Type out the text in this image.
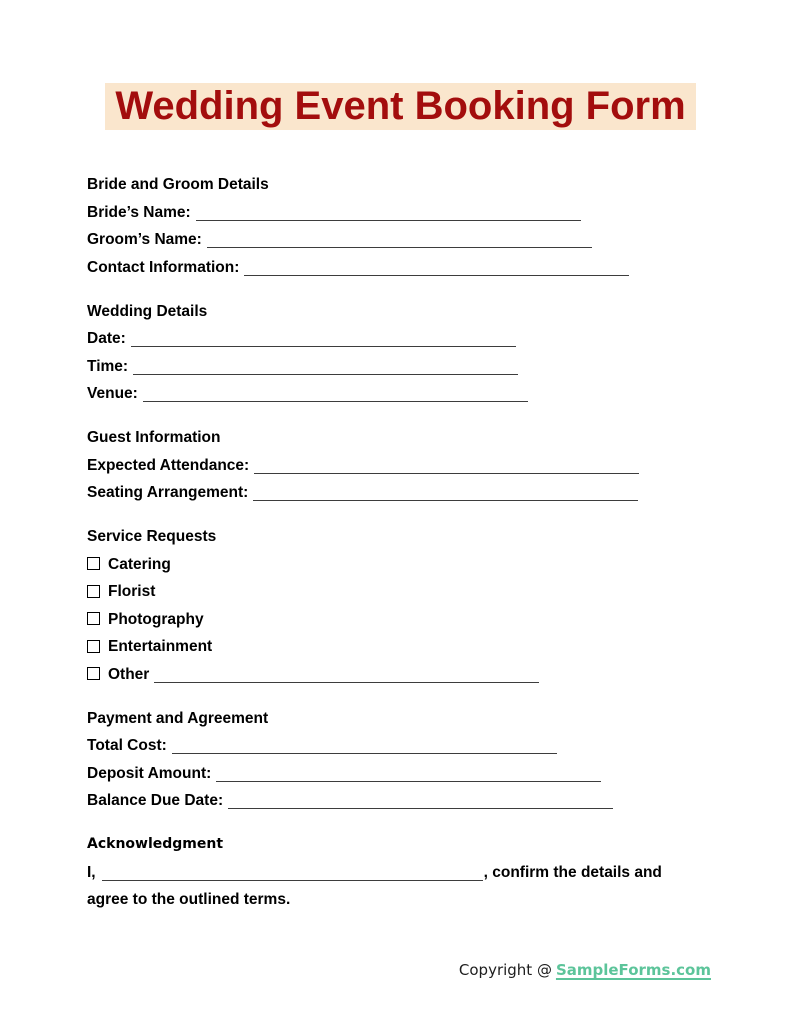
Wedding Event Booking Form

Bride and Groom Details

Bride’s Name:

Groom’s Name:

Contact Information:

Wedding Details

Date:

Time:

Venue:

Guest Information

Expected Attendance:

Seating Arrangement:

Service Requests

Catering

Florist

Photography

Entertainment

Other

Payment and Agreement

Total Cost:

Deposit Amount:

Balance Due Date:

Acknowledgment

I,	, confirm the details and

agree to the outlined terms.

Copyright @ SampleForms.com
